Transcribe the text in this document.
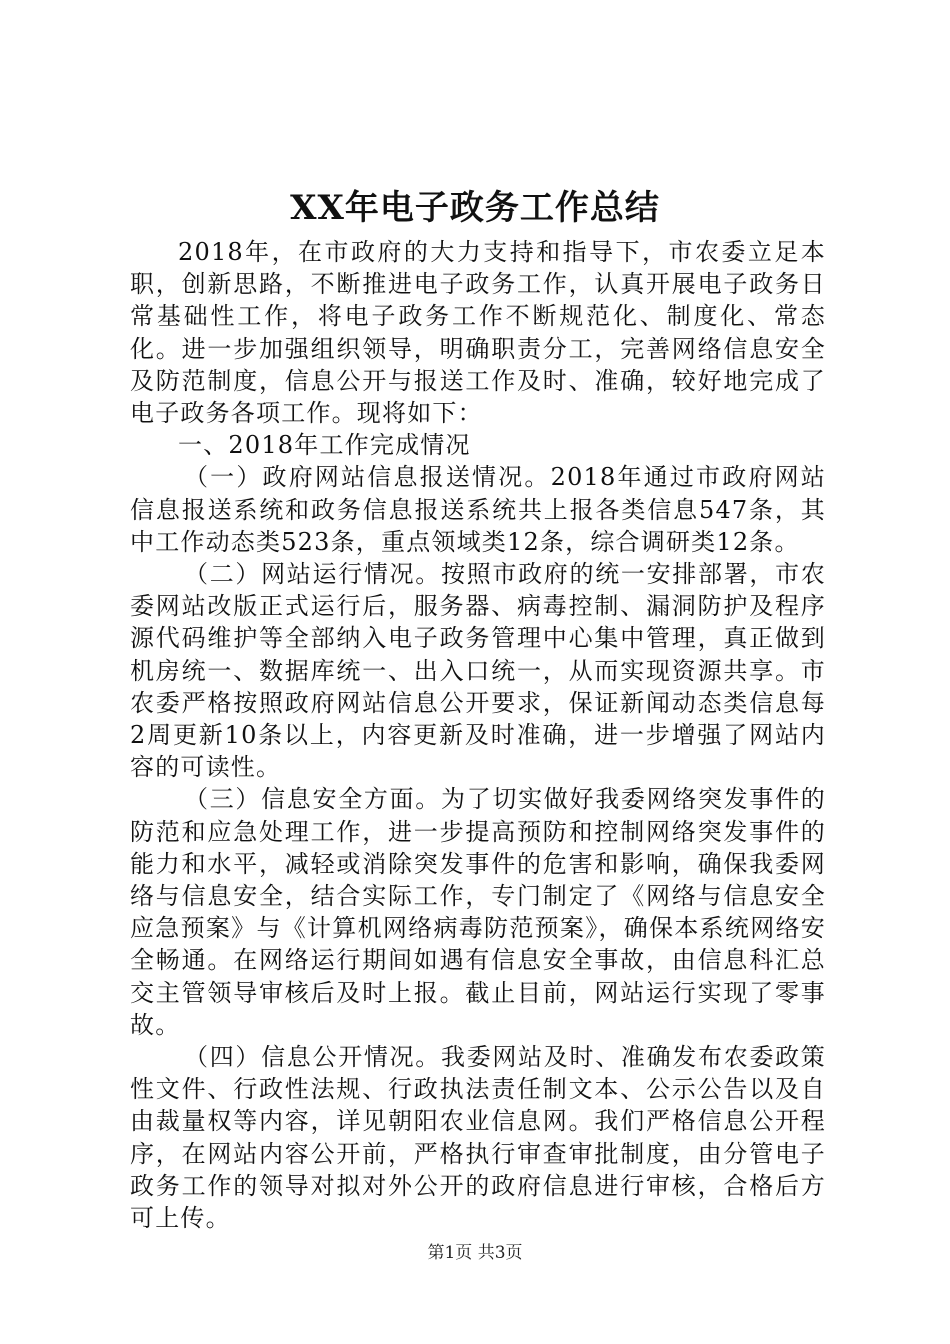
XX年电子政务工作总结

2018年，在市政府的大力支持和指导下，市农委立足本职，创新思路，不断推进电子政务工作，认真开展电子政务日常基础性工作，将电子政务工作不断规范化、制度化、常态化。进一步加强组织领导，明确职责分工，完善网络信息安全及防范制度，信息公开与报送工作及时、准确，较好地完成了电子政务各项工作。现将如下：

一、2018年工作完成情况

（一）政府网站信息报送情况。2018年通过市政府网站信息报送系统和政务信息报送系统共上报各类信息547条，其中工作动态类523条，重点领域类12条，综合调研类12条。

（二）网站运行情况。按照市政府的统一安排部署，市农委网站改版正式运行后，服务器、病毒控制、漏洞防护及程序源代码维护等全部纳入电子政务管理中心集中管理，真正做到机房统一、数据库统一、出入口统一，从而实现资源共享。市农委严格按照政府网站信息公开要求，保证新闻动态类信息每2周更新10条以上，内容更新及时准确，进一步增强了网站内容的可读性。

（三）信息安全方面。为了切实做好我委网络突发事件的防范和应急处理工作，进一步提高预防和控制网络突发事件的能力和水平，减轻或消除突发事件的危害和影响，确保我委网络与信息安全，结合实际工作，专门制定了《网络与信息安全应急预案》与《计算机网络病毒防范预案》，确保本系统网络安全畅通。在网络运行期间如遇有信息安全事故，由信息科汇总交主管领导审核后及时上报。截止目前，网站运行实现了零事故。

（四）信息公开情况。我委网站及时、准确发布农委政策性文件、行政性法规、行政执法责任制文本、公示公告以及自由裁量权等内容，详见朝阳农业信息网。我们严格信息公开程序，在网站内容公开前，严格执行审查审批制度，由分管电子政务工作的领导对拟对外公开的政府信息进行审核，合格后方可上传。

第1页 共3页
